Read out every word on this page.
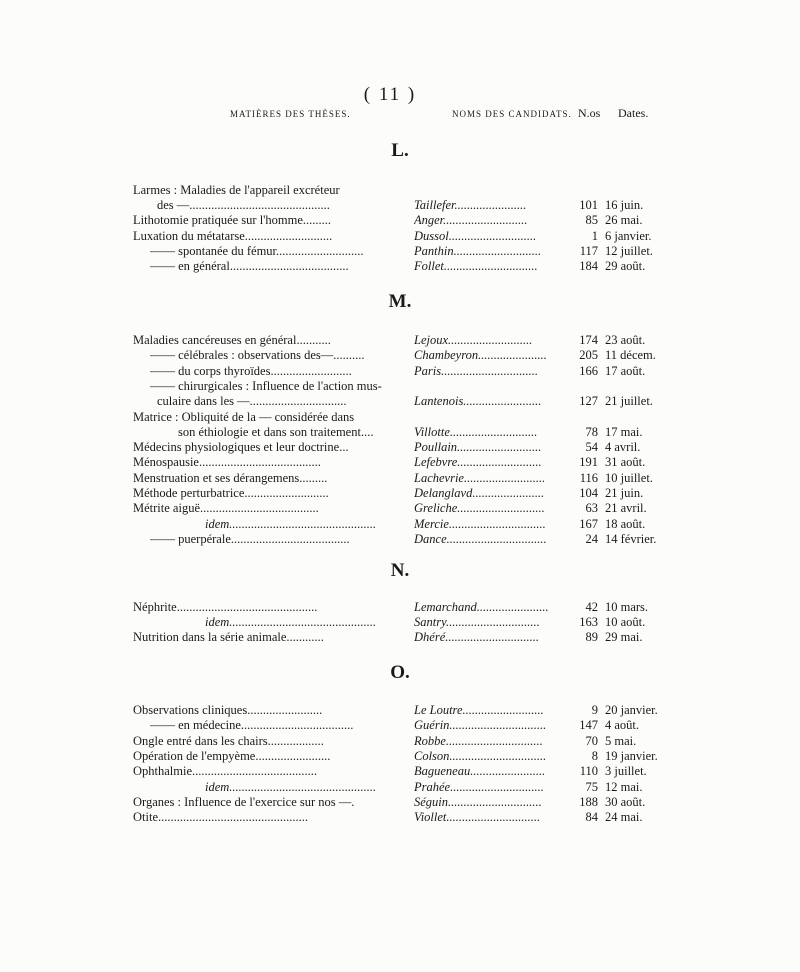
( 11 )
MATIÈRES DES THÈSES.	NOMS DES CANDIDATS. N.os Dates.
L.
Larmes : Maladies de l'appareil excréteur
des —.............................................	Taillefer.......................	101 16 juin.
Lithotomie pratiquée sur l'homme.........	Anger...........................	85 26 mai.
Luxation du métatarse............................	Dussol............................	1 6 janvier.
—— spontanée du fémur............................	Panthin............................	117 12 juillet.
—— en général......................................	Follet..............................	184 29 août.
M.
Maladies cancéreuses en général...........	Lejoux...........................	174 23 août.
—— célébrales : observations des—..........	Chambeyron......................	205 11 décem.
—— du corps thyroïdes..........................	Paris...............................	166 17 août.
—— chirurgicales : Influence de l'action mus-
culaire dans les —...............................	Lantenois.........................	127 21 juillet.
Matrice : Obliquité de la — considérée dans
son éthiologie et dans son traitement....	Villotte............................	78 17 mai.
Médecins physiologiques et leur doctrine...	Poullain...........................	54 4 avril.
Ménospausie.......................................	Lefebvre...........................	191 31 août.
Menstruation et ses dérangemens.........	Lachevrie..........................	116 10 juillet.
Méthode perturbatrice...........................	Delanglavd.......................	104 21 juin.
Métrite aiguë......................................	Greliche............................	63 21 avril.
idem...............................................	Mercie...............................	167 18 août.
—— puerpérale......................................	Dance................................	24 14 février.
N.
Néphrite.............................................	Lemarchand.......................	42 10 mars.
idem...............................................	Santry..............................	163 10 août.
Nutrition dans la série animale............	Dhéré..............................	89 29 mai.
O.
Observations cliniques........................	Le Loutre..........................	9 20 janvier.
—— en médecine....................................	Guérin...............................	147 4 août.
Ongle entré dans les chairs..................	Robbe...............................	70 5 mai.
Opération de l'empyème........................	Colson...............................	8 19 janvier.
Ophthalmie........................................	Bagueneau........................	110 3 juillet.
idem...............................................	Prahée..............................	75 12 mai.
Organes : Influence de l'exercice sur nos —.	Séguin..............................	188 30 août.
Otite................................................	Viollet..............................	84 24 mai.
